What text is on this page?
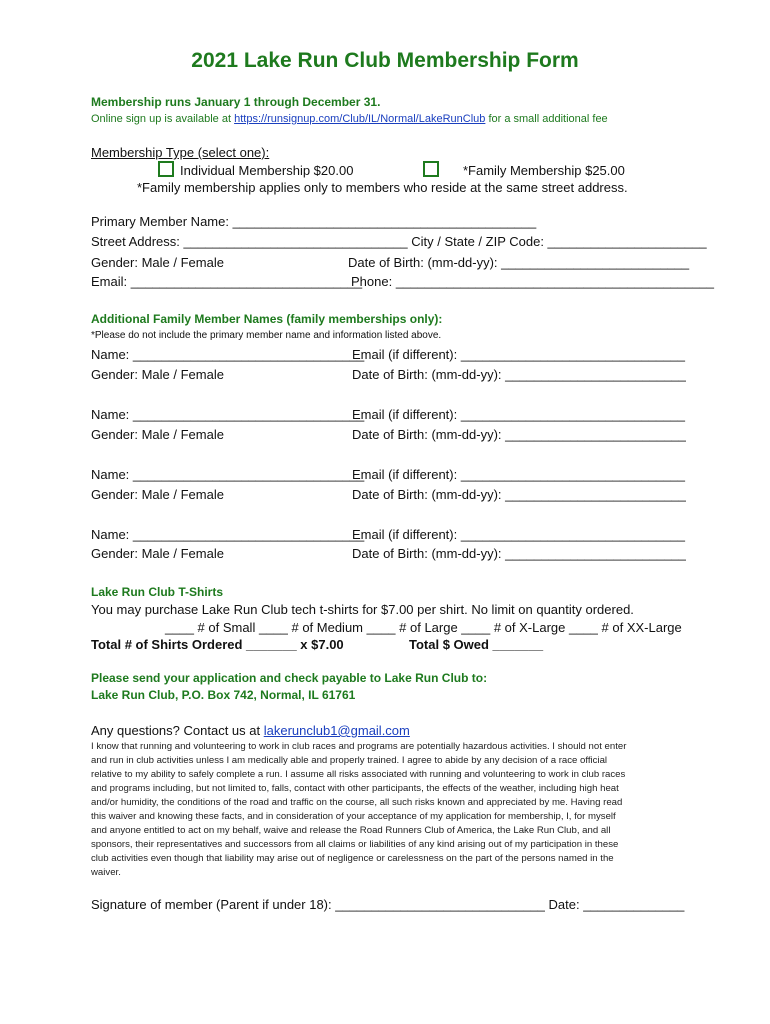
2021 Lake Run Club Membership Form
Membership runs January 1 through December 31.
Online sign up is available at https://runsignup.com/Club/IL/Normal/LakeRunClub for a small additional fee
Membership Type (select one):
Individual Membership $20.00	*Family Membership $25.00
*Family membership applies only to members who reside at the same street address.
Primary Member Name: __________________________________________
Street Address: _______________________________ City / State / ZIP Code: ______________________
Gender: Male / Female	Date of Birth: (mm-dd-yy): __________________________
Email: ________________________________
Phone: ____________________________________________
Additional Family Member Names (family memberships only):
*Please do not include the primary member name and information listed above.
Name: ________________________________
Email (if different): _______________________________
Gender: Male / Female	Date of Birth: (mm-dd-yy): _________________________
Name: ________________________________
Email (if different): _______________________________
Gender: Male / Female	Date of Birth: (mm-dd-yy): _________________________
Name: ________________________________
Email (if different): _______________________________
Gender: Male / Female	Date of Birth: (mm-dd-yy): _________________________
Name: ________________________________
Email (if different): _______________________________
Gender: Male / Female	Date of Birth: (mm-dd-yy): _________________________
Lake Run Club T-Shirts
You may purchase Lake Run Club tech t-shirts for $7.00 per shirt. No limit on quantity ordered.
____ # of Small ____ # of Medium ____ # of Large ____ # of X-Large ____ # of XX-Large
Total # of Shirts Ordered _______ x $7.00	Total $ Owed _______
Please send your application and check payable to Lake Run Club to:
Lake Run Club, P.O. Box 742, Normal, IL 61761
Any questions? Contact us at lakerunclub1@gmail.com
I know that running and volunteering to work in club races and programs are potentially hazardous activities. I should not enter
and run in club activities unless I am medically able and properly trained. I agree to abide by any decision of a race official
relative to my ability to safely complete a run. I assume all risks associated with running and volunteering to work in club races
and programs including, but not limited to, falls, contact with other participants, the effects of the weather, including high heat
and/or humidity, the conditions of the road and traffic on the course, all such risks known and appreciated by me. Having read
this waiver and knowing these facts, and in consideration of your acceptance of my application for membership, I, for myself
and anyone entitled to act on my behalf, waive and release the Road Runners Club of America, the Lake Run Club, and all
sponsors, their representatives and successors from all claims or liabilities of any kind arising out of my participation in these
club activities even though that liability may arise out of negligence or carelessness on the part of the persons named in the
waiver.
Signature of member (Parent if under 18): _____________________________ Date: ______________
